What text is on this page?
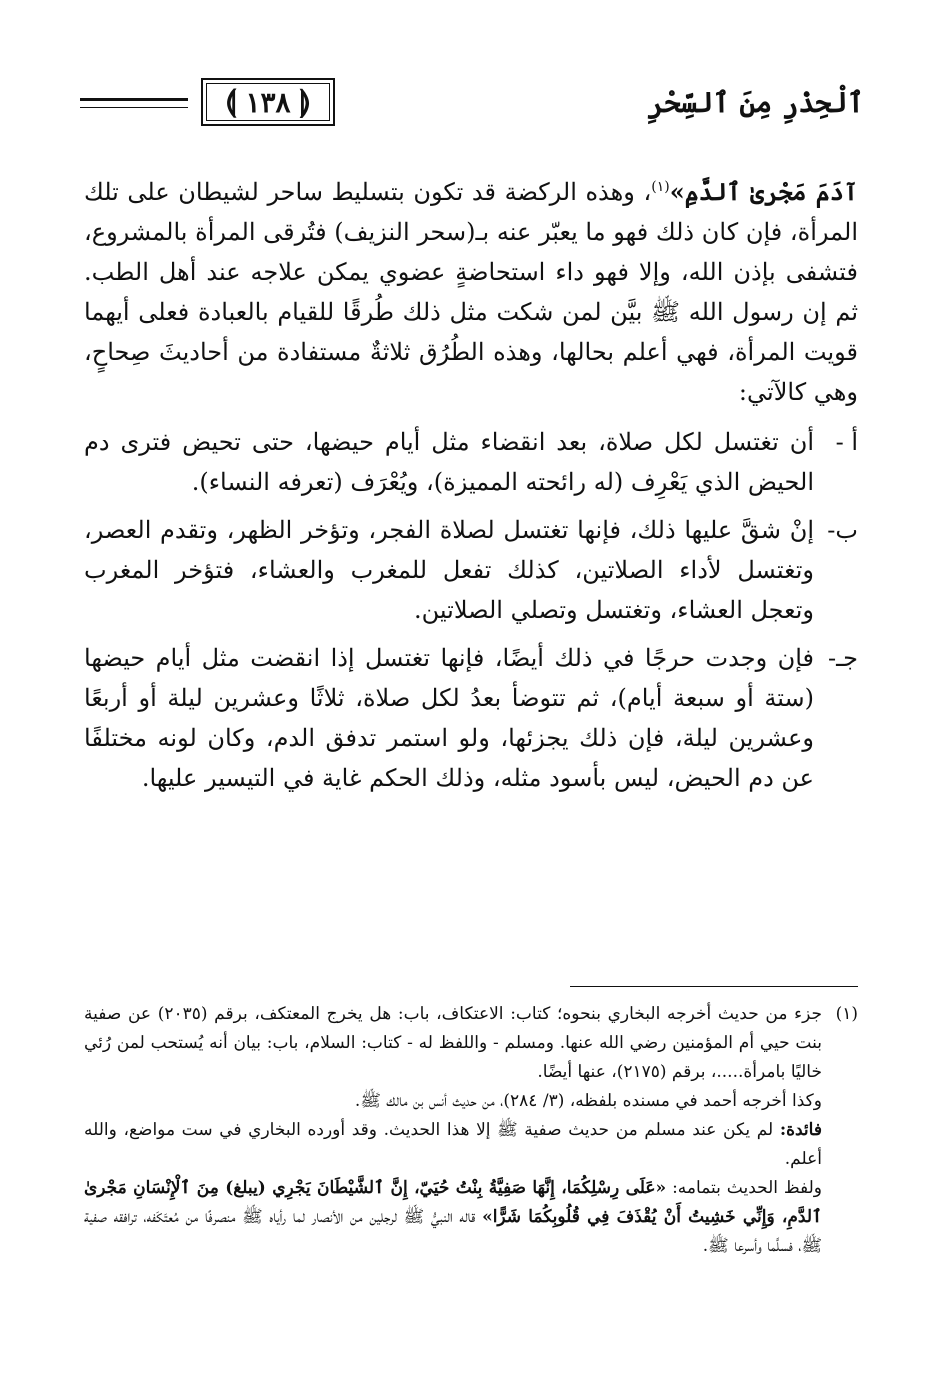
ٱلْحِذْرِ مِنَ ٱلسِّحْرِ
⟬
١٣٨
⟭

آدَمَ مَجْرىٰ ٱلدَّمِ»$^{(١)}$، وهذه الركضة قد تكون بتسليط ساحر لشيطان على تلك المرأة، فإن كان ذلك فهو ما يعبّر عنه بـ(سحر النزيف) فتُرقى المرأة بالمشروع، فتشفى بإذن الله، وإلا فهو داء استحاضةٍ عضوي يمكن علاجه عند أهل الطب. ثم إن رسول الله ﷺ بيَّن لمن شكت مثل ذلك طُرقًا للقيام بالعبادة فعلى أيهما قويت المرأة، فهي أعلم بحالها، وهذه الطُرُق ثلاثةٌ مستفادة من أحاديثَ صِحاحٍ، وهي كالآتي:

أ -
أن تغتسل لكل صلاة، بعد انقضاء مثل أيام حيضها، حتى تحيض فترى دم الحيض الذي يَعْرِف (له رائحته المميزة)، ويُعْرَف (تعرفه النساء).
ب-
إنْ شقَّ عليها ذلك، فإنها تغتسل لصلاة الفجر، وتؤخر الظهر، وتقدم العصر، وتغتسل لأداء الصلاتين، كذلك تفعل للمغرب والعشاء، فتؤخر المغرب وتعجل العشاء، وتغتسل وتصلي الصلاتين.
جـ-
فإن وجدت حرجًا في ذلك أيضًا، فإنها تغتسل إذا انقضت مثل أيام حيضها (ستة أو سبعة أيام)، ثم تتوضأ بعدُ لكل صلاة، ثلاثًا وعشرين ليلة أو أربعًا وعشرين ليلة، فإن ذلك يجزئها، ولو استمر تدفق الدم، وكان لونه مختلفًا عن دم الحيض، ليس بأسود مثله، وذلك الحكم غاية في التيسير عليها.
(١)

جزء من حديث أخرجه البخاري بنحوه؛ كتاب: الاعتكاف، باب: هل يخرج المعتكف، برقم (٢٠٣٥) عن صفية بنت حيي أم المؤمنين رضي الله عنها. ومسلم - واللفظ له - كتاب: السلام، باب: بيان أنه يُستحب لمن رُئي خاليًا بامرأة.....، برقم (٢١٧٥)، عنها أيضًا.

وكذا أخرجه أحمد في مسنده بلفظه، (٣/ ٢٨٤)، من حديث أنس بن مالك ﷺ.

فائدة: لم يكن عند مسلم من حديث صفية ﷺ إلا هذا الحديث. وقد أورده البخاري في ست مواضع، والله أعلم.

ولفظ الحديث بتمامه: «عَلَى رِسْلِكُمَا، إِنَّهَا صَفِيَّةُ بِنْتُ حُيَيّ، إِنَّ ٱلشَّيْطَانَ يَجْرِي (يبلغ) مِنَ ٱلْإِنْسَانِ مَجْرىٰ ٱلدَّمِ، وَإِنِّي خَشِيتُ أَنْ يُقْذَفَ فِي قُلُوبِكُمَا شَرًّا» قاله النبيُّ ﷺ لرجلين من الأنصار لما رأياه ﷺ منصرفًا من مُعتَكَفه، ترافقه صفية ﷺ، فسلَّما وأسرعا ﷺ.
